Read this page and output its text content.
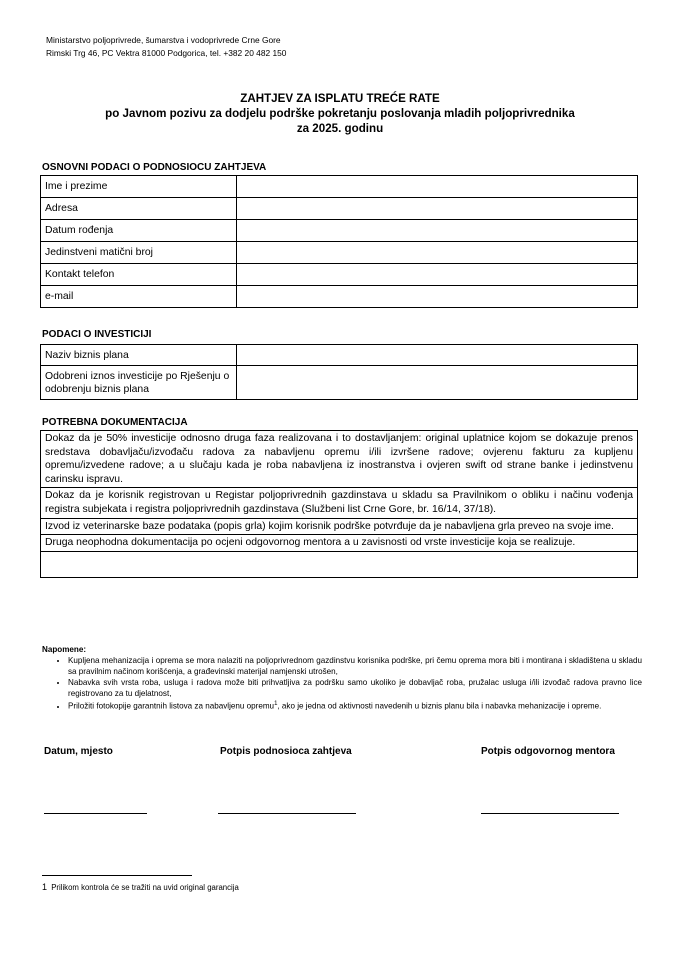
Ministarstvo poljoprivrede, šumarstva i vodoprivrede Crne Gore
Rimski Trg 46, PC Vektra 81000 Podgorica, tel. +382 20 482 150
ZAHTJEV ZA ISPLATU TREĆE RATE
po Javnom pozivu za dodjelu podrške pokretanju poslovanja mladih poljoprivrednika
za 2025. godinu
OSNOVNI PODACI O PODNOSIOCU ZAHTJEVA
Ime i prezime	
Adresa	
Datum rođenja	
Jedinstveni matični broj	
Kontakt telefon	
e-mail	
PODACI O INVESTICIJI
Naziv biznis plana	
Odobreni iznos investicije po Rješenju o odobrenju biznis plana	
POTREBNA DOKUMENTACIJA
Dokaz da je 50% investicije odnosno druga faza realizovana i to dostavljanjem: original uplatnice kojom se dokazuje prenos sredstava dobavljaču/izvođaču radova za nabavljenu opremu i/ili izvršene radove; ovjerenu fakturu za kupljenu opremu/izvedene radove; a u slučaju kada je roba nabavljena iz inostranstva i ovjeren swift od strane banke i jedinstvenu carinsku ispravu.
Dokaz da je korisnik registrovan u Registar poljoprivrednih gazdinstava u skladu sa Pravilnikom o obliku i načinu vođenja registra subjekata i registra poljoprivrednih gazdinstava (Službeni list Crne Gore, br. 16/14, 37/18).
Izvod iz veterinarske baze podataka (popis grla) kojim korisnik podrške potvrđuje da je nabavljena grla preveo na svoje ime.
Druga neophodna dokumentacija po ocjeni odgovornog mentora a u zavisnosti od vrste investicije koja se realizuje.

Napomene:
• Kupljena mehanizacija i oprema se mora nalaziti na poljoprivrednom gazdinstvu korisnika podrške, pri čemu oprema mora biti i montirana i skladištena u skladu sa pravilnim načinom korišćenja, a građevinski materijal namjenski utrošen,
• Nabavka svih vrsta roba, usluga i radova može biti prihvatljiva za podršku samo ukoliko je dobavljač roba, pružalac usluga i/ili izvođač radova pravno lice registrovano za tu djelatnost,
• Priložiti fotokopije garantnih listova za nabavljenu opremu$^1$, ako je jedna od aktivnosti navedenih u biznis planu bila i nabavka mehanizacije i opreme.
Datum, mjesto	Potpis podnosioca zahtjeva	Potpis odgovornog mentora
1 Prilikom kontrola će se tražiti na uvid original garancija
